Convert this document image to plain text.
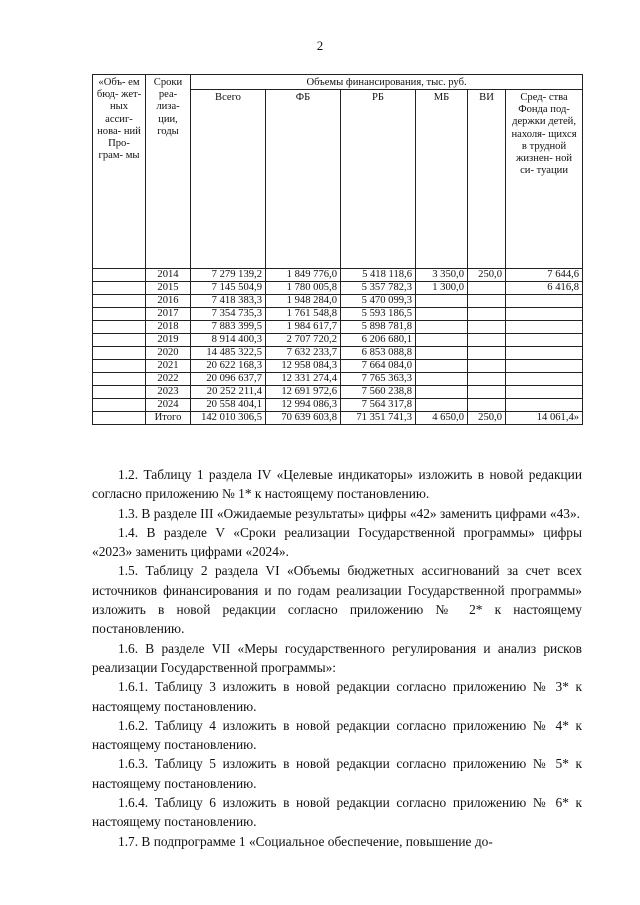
2
«Объ- ем бюд- жет- ных ассиг- нова- ний Про- грам- мы	Сроки реа- лиза- ции, годы	Объемы финансирования, тыс. руб.					
		Всего	ФБ	РБ	МБ	ВИ	Сред- ства Фонда под- держки детей, нахоля- щихся в трудной жизнен- ной си- туации
	2014	7 279 139,2	1 849 776,0	5 418 118,6	3 350,0	250,0	7 644,6
	2015	7 145 504,9	1 780 005,8	5 357 782,3	1 300,0		6 416,8
	2016	7 418 383,3	1 948 284,0	5 470 099,3			
	2017	7 354 735,3	1 761 548,8	5 593 186,5			
	2018	7 883 399,5	1 984 617,7	5 898 781,8			
	2019	8 914 400,3	2 707 720,2	6 206 680,1			
	2020	14 485 322,5	7 632 233,7	6 853 088,8			
	2021	20 622 168,3	12 958 084,3	7 664 084,0			
	2022	20 096 637,7	12 331 274,4	7 765 363,3			
	2023	20 252 211,4	12 691 972,6	7 560 238,8			
	2024	20 558 404,1	12 994 086,3	7 564 317,8			
	Итого	142 010 306,5	70 639 603,8	71 351 741,3	4 650,0	250,0	14 061,4»

1.2. Таблицу 1 раздела IV «Целевые индикаторы» изложить в новой редакции согласно приложению № 1* к настоящему постановлению.

1.3. В разделе III «Ожидаемые результаты» цифры «42» заменить цифрами «43».

1.4. В разделе V «Сроки реализации Государственной программы» цифры «2023» заменить цифрами «2024».

1.5. Таблицу 2 раздела VI «Объемы бюджетных ассигнований за счет всех источников финансирования и по годам реализации Государственной программы» изложить в новой редакции согласно приложению № 2* к настоящему постановлению.

1.6. В разделе VII «Меры государственного регулирования и анализ рисков реализации Государственной программы»:

1.6.1. Таблицу 3 изложить в новой редакции согласно приложению № 3* к настоящему постановлению.

1.6.2. Таблицу 4 изложить в новой редакции согласно приложению № 4* к настоящему постановлению.

1.6.3. Таблицу 5 изложить в новой редакции согласно приложению № 5* к настоящему постановлению.

1.6.4. Таблицу 6 изложить в новой редакции согласно приложению № 6* к настоящему постановлению.

1.7. В подпрограмме 1 «Социальное обеспечение, повышение до-
